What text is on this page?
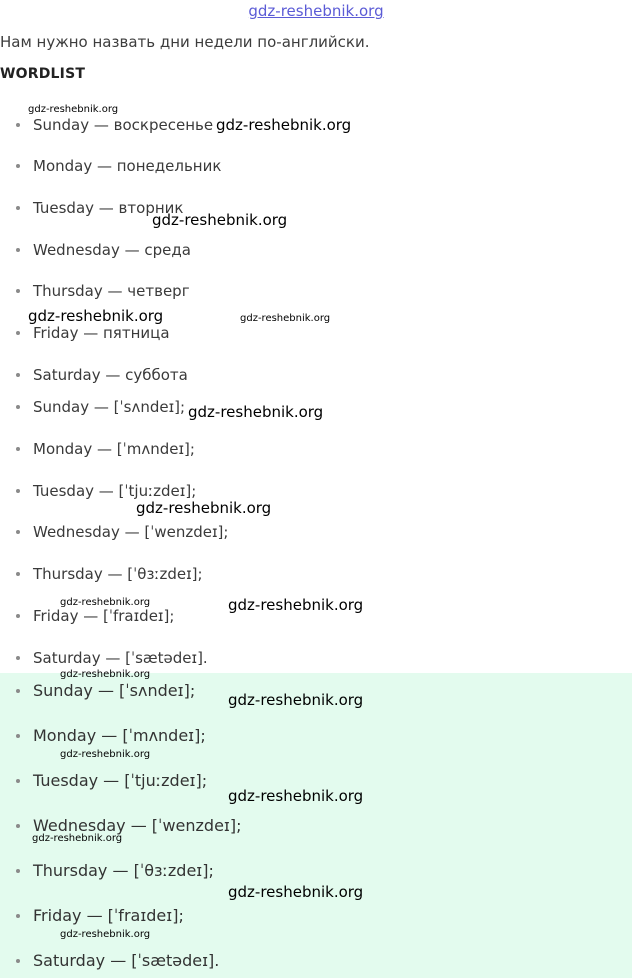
gdz-reshebnik.org
Нам нужно назвать дни недели по-английски.
WORDLIST
Sunday — воскресенье
Monday — понедельник
Tuesday — вторник
Wednesday — среда
Thursday — четверг
Friday — пятница
Saturday — суббота
Sunday — [ˈsʌndeɪ];
Monday — [ˈmʌndeɪ];
Tuesday — [ˈtjuːzdeɪ];
Wednesday — [ˈwenzdeɪ];
Thursday — [ˈθɜːzdeɪ];
Friday — [ˈfraɪdeɪ];
Saturday — [ˈsætədeɪ].
Sunday — [ˈsʌndeɪ];
Monday — [ˈmʌndeɪ];
Tuesday — [ˈtjuːzdeɪ];
Wednesday — [ˈwenzdeɪ];
Thursday — [ˈθɜːzdeɪ];
Friday — [ˈfraɪdeɪ];
Saturday — [ˈsætədeɪ].
gdz-reshebnik.org
gdz-reshebnik.org
gdz-reshebnik.org
gdz-reshebnik.org	gdz-reshebnik.org
gdz-reshebnik.org
gdz-reshebnik.org
gdz-reshebnik.org	gdz-reshebnik.org
gdz-reshebnik.org
gdz-reshebnik.org
gdz-reshebnik.org
gdz-reshebnik.org
gdz-reshebnik.org
gdz-reshebnik.org
gdz-reshebnik.org
